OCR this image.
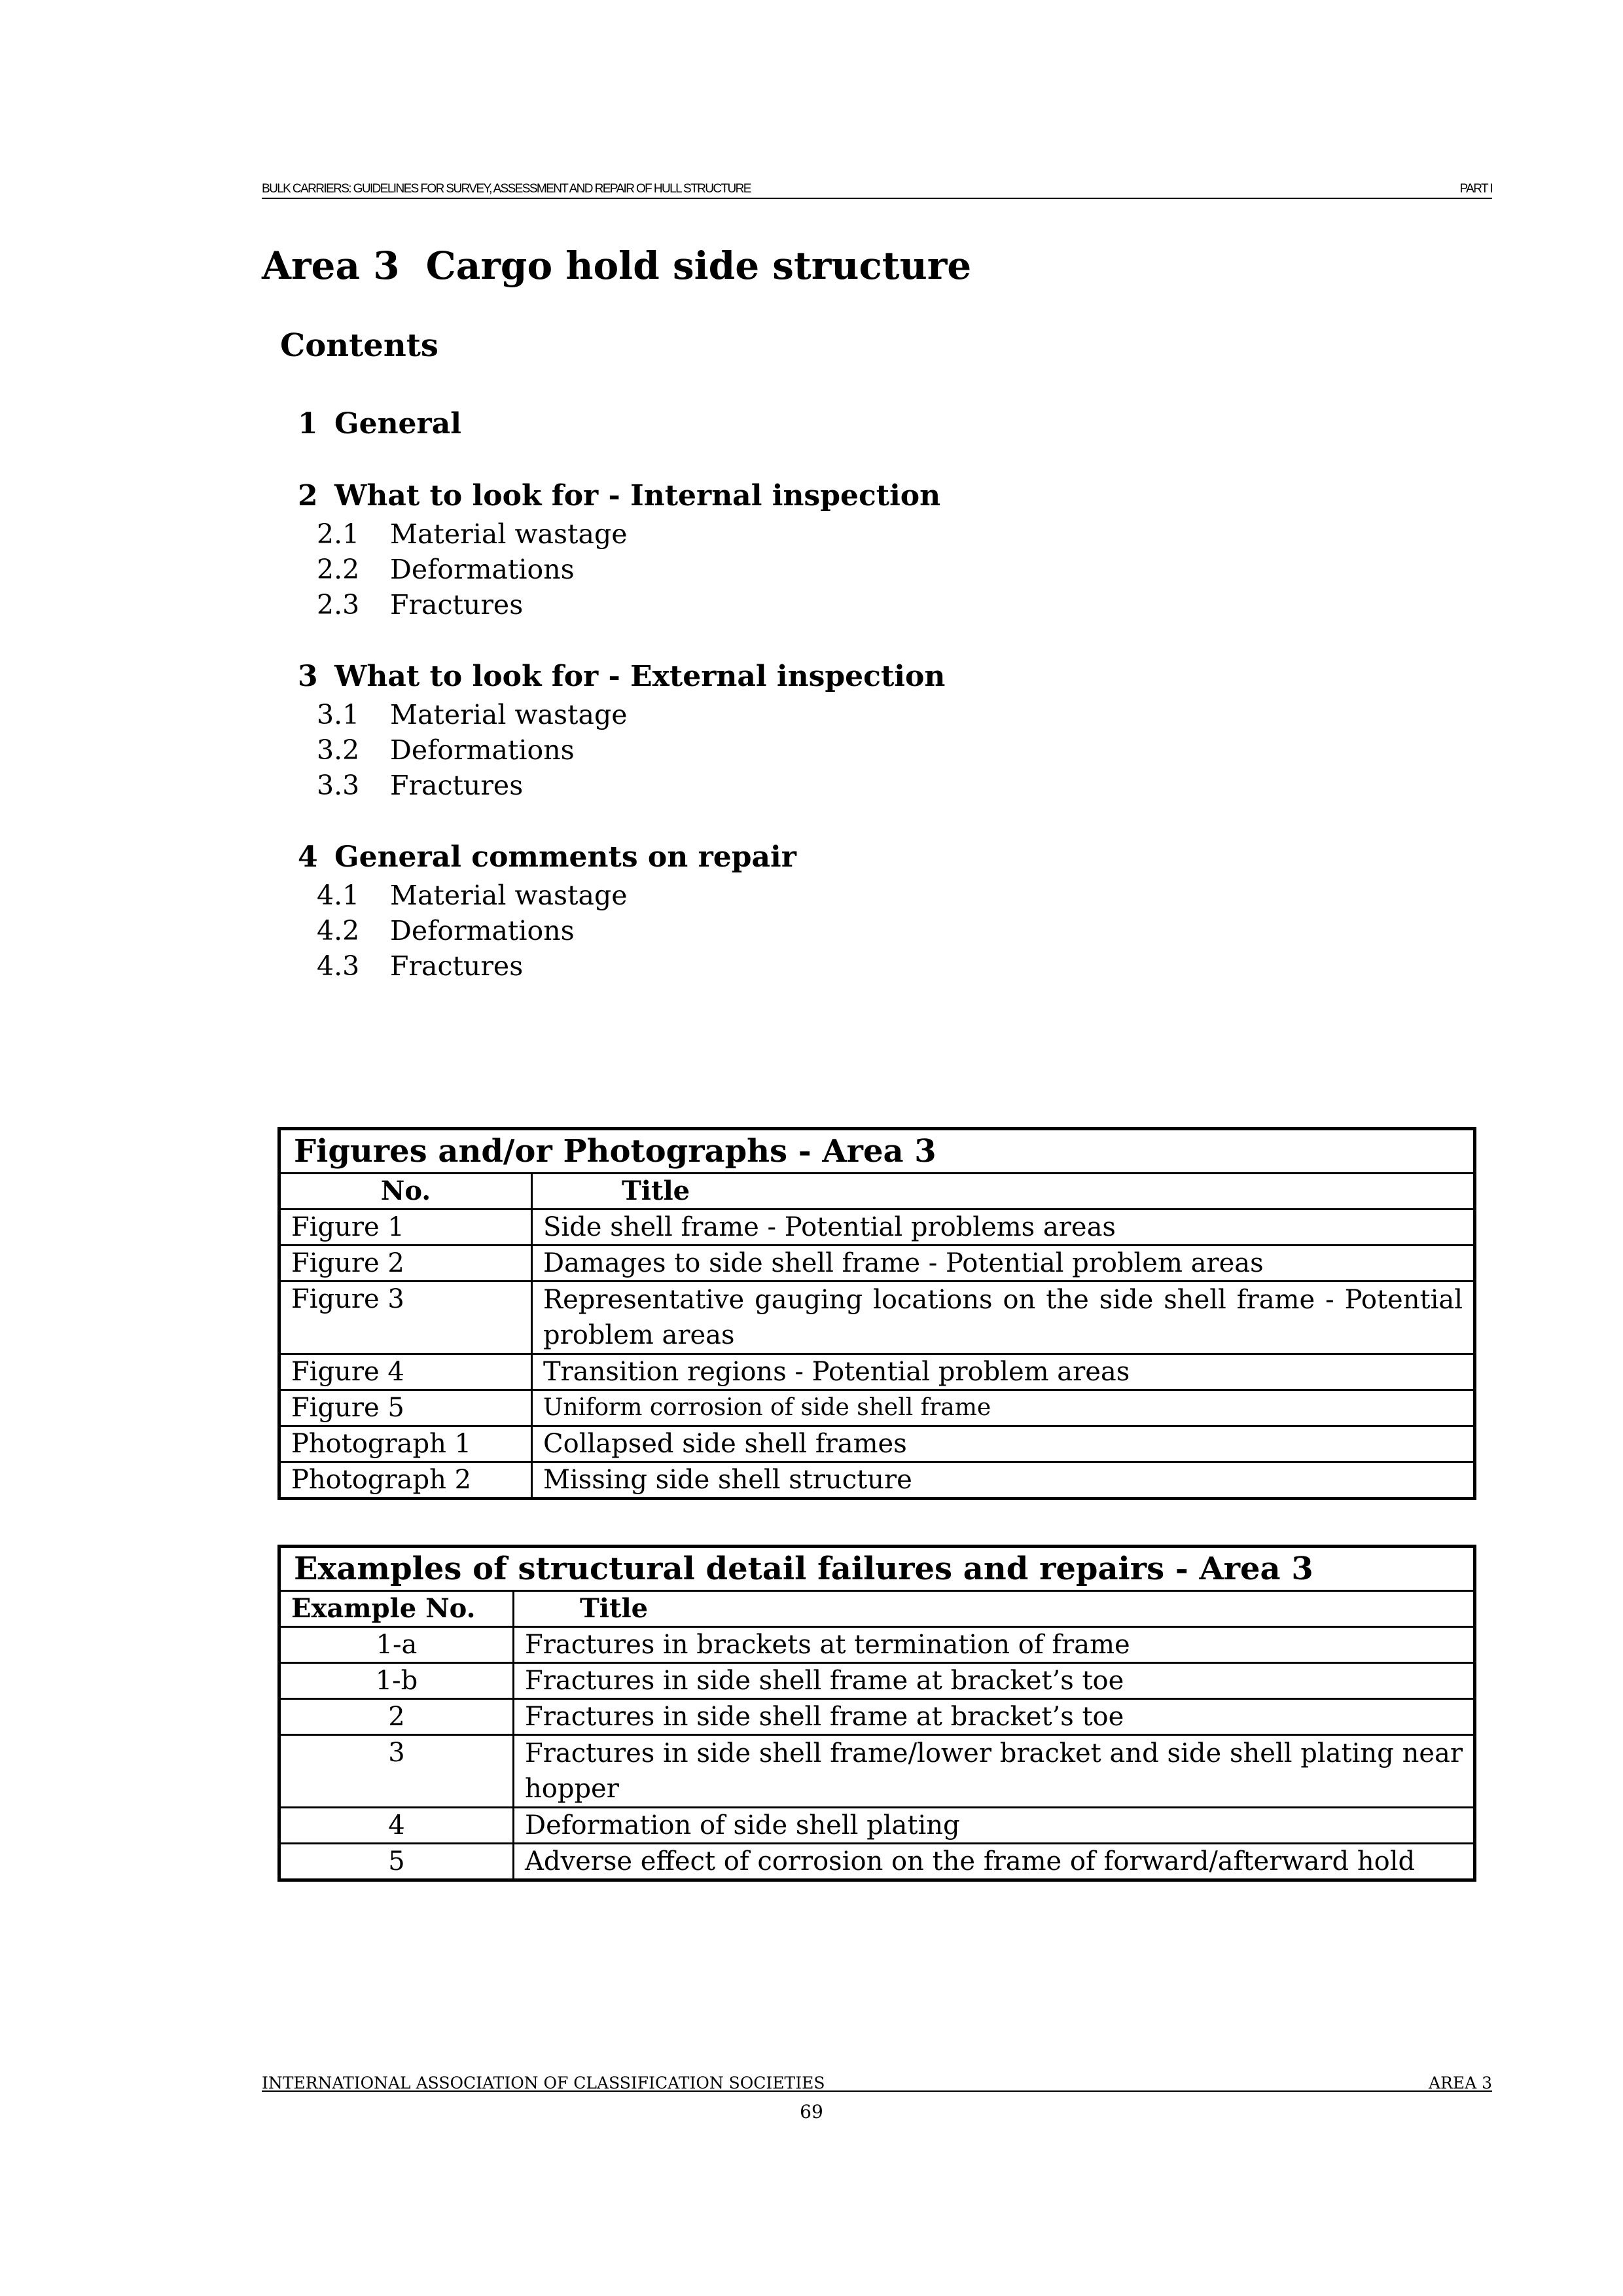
BULK CARRIERS: GUIDELINES FOR SURVEY, ASSESSMENT AND REPAIR OF HULL STRUCTURE	PART I
Area 3 Cargo hold side structure
Contents
1 General
2 What to look for - Internal inspection
2.1 Material wastage
2.2 Deformations
2.3 Fractures
3 What to look for - External inspection
3.1 Material wastage
3.2 Deformations
3.3 Fractures
4 General comments on repair
4.1 Material wastage
4.2 Deformations
4.3 Fractures
Figures and/or Photographs - Area 3	
No.	Title
Figure 1	Side shell frame - Potential problems areas
Figure 2	Damages to side shell frame - Potential problem areas
Figure 3	Representative gauging locations on the side shell frame - Potential problem areas
Figure 4	Transition regions - Potential problem areas
Figure 5	Uniform corrosion of side shell frame
Photograph 1	Collapsed side shell frames
Photograph 2	Missing side shell structure
Examples of structural detail failures and repairs - Area 3	
Example No.	Title
1-a	Fractures in brackets at termination of frame
1-b	Fractures in side shell frame at bracket’s toe
2	Fractures in side shell frame at bracket’s toe
3	Fractures in side shell frame/lower bracket and side shell plating near hopper
4	Deformation of side shell plating
5	Adverse effect of corrosion on the frame of forward/afterward hold
INTERNATIONAL ASSOCIATION OF CLASSIFICATION SOCIETIES	AREA 3
69
